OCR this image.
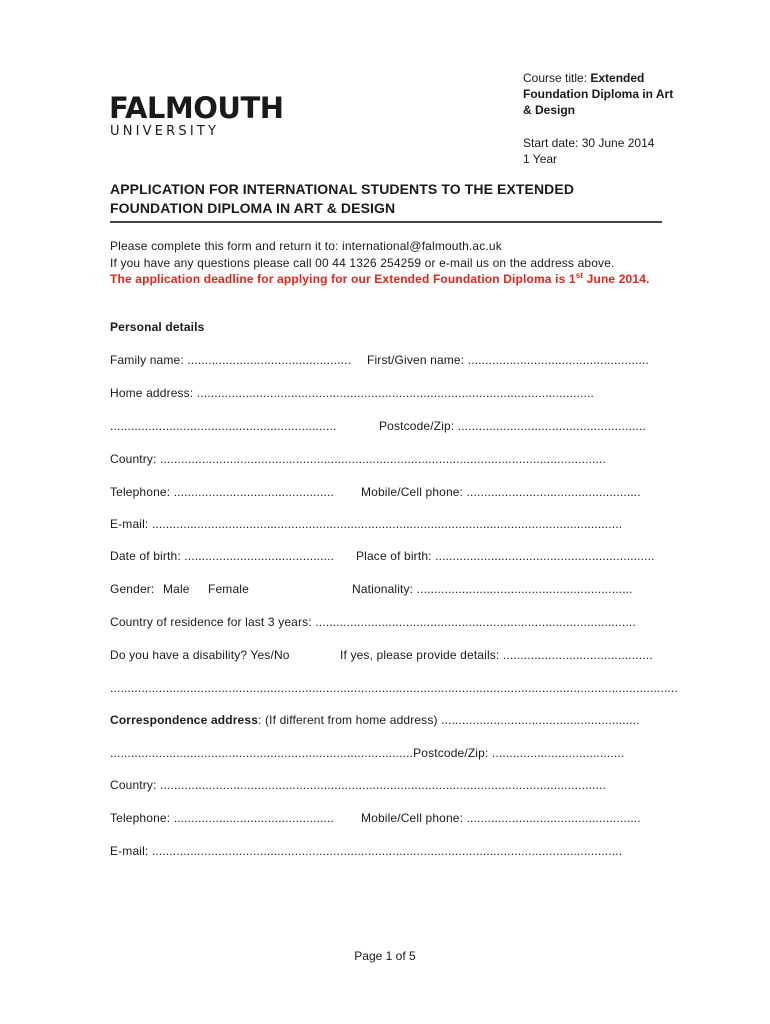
FALMOUTH
UNIVERSITY
Course title: Extended
Foundation Diploma in Art
& Design
Start date: 30 June 2014
1 Year
APPLICATION FOR INTERNATIONAL STUDENTS TO THE EXTENDED
FOUNDATION DIPLOMA IN ART & DESIGN
Please complete this form and return it to: international@falmouth.ac.uk
If you have any questions please call 00 44 1326 254259 or e-mail us on the address above.
The application deadline for applying for our Extended Foundation Diploma is 1st June 2014.
Personal details
Family name: ............................................... First/Given name: ....................................................
Home address: ..................................................................................................................
.................................................................	Postcode/Zip: ......................................................
Country: ................................................................................................................................
Telephone: .............................................. Mobile/Cell phone: ..................................................
E-mail: .......................................................................................................................................
Date of birth: ........................................... Place of birth: ...............................................................
Gender: Male Female	Nationality: ..............................................................
Country of residence for last 3 years: ............................................................................................
Do you have a disability? Yes/No	If yes, please provide details: ...........................................
...................................................................................................................................................................
Correspondence address: (If different from home address) .........................................................
.......................................................................................Postcode/Zip: ......................................
Country: ................................................................................................................................
Telephone: .............................................. Mobile/Cell phone: ..................................................
E-mail: .......................................................................................................................................
Page 1 of 5
